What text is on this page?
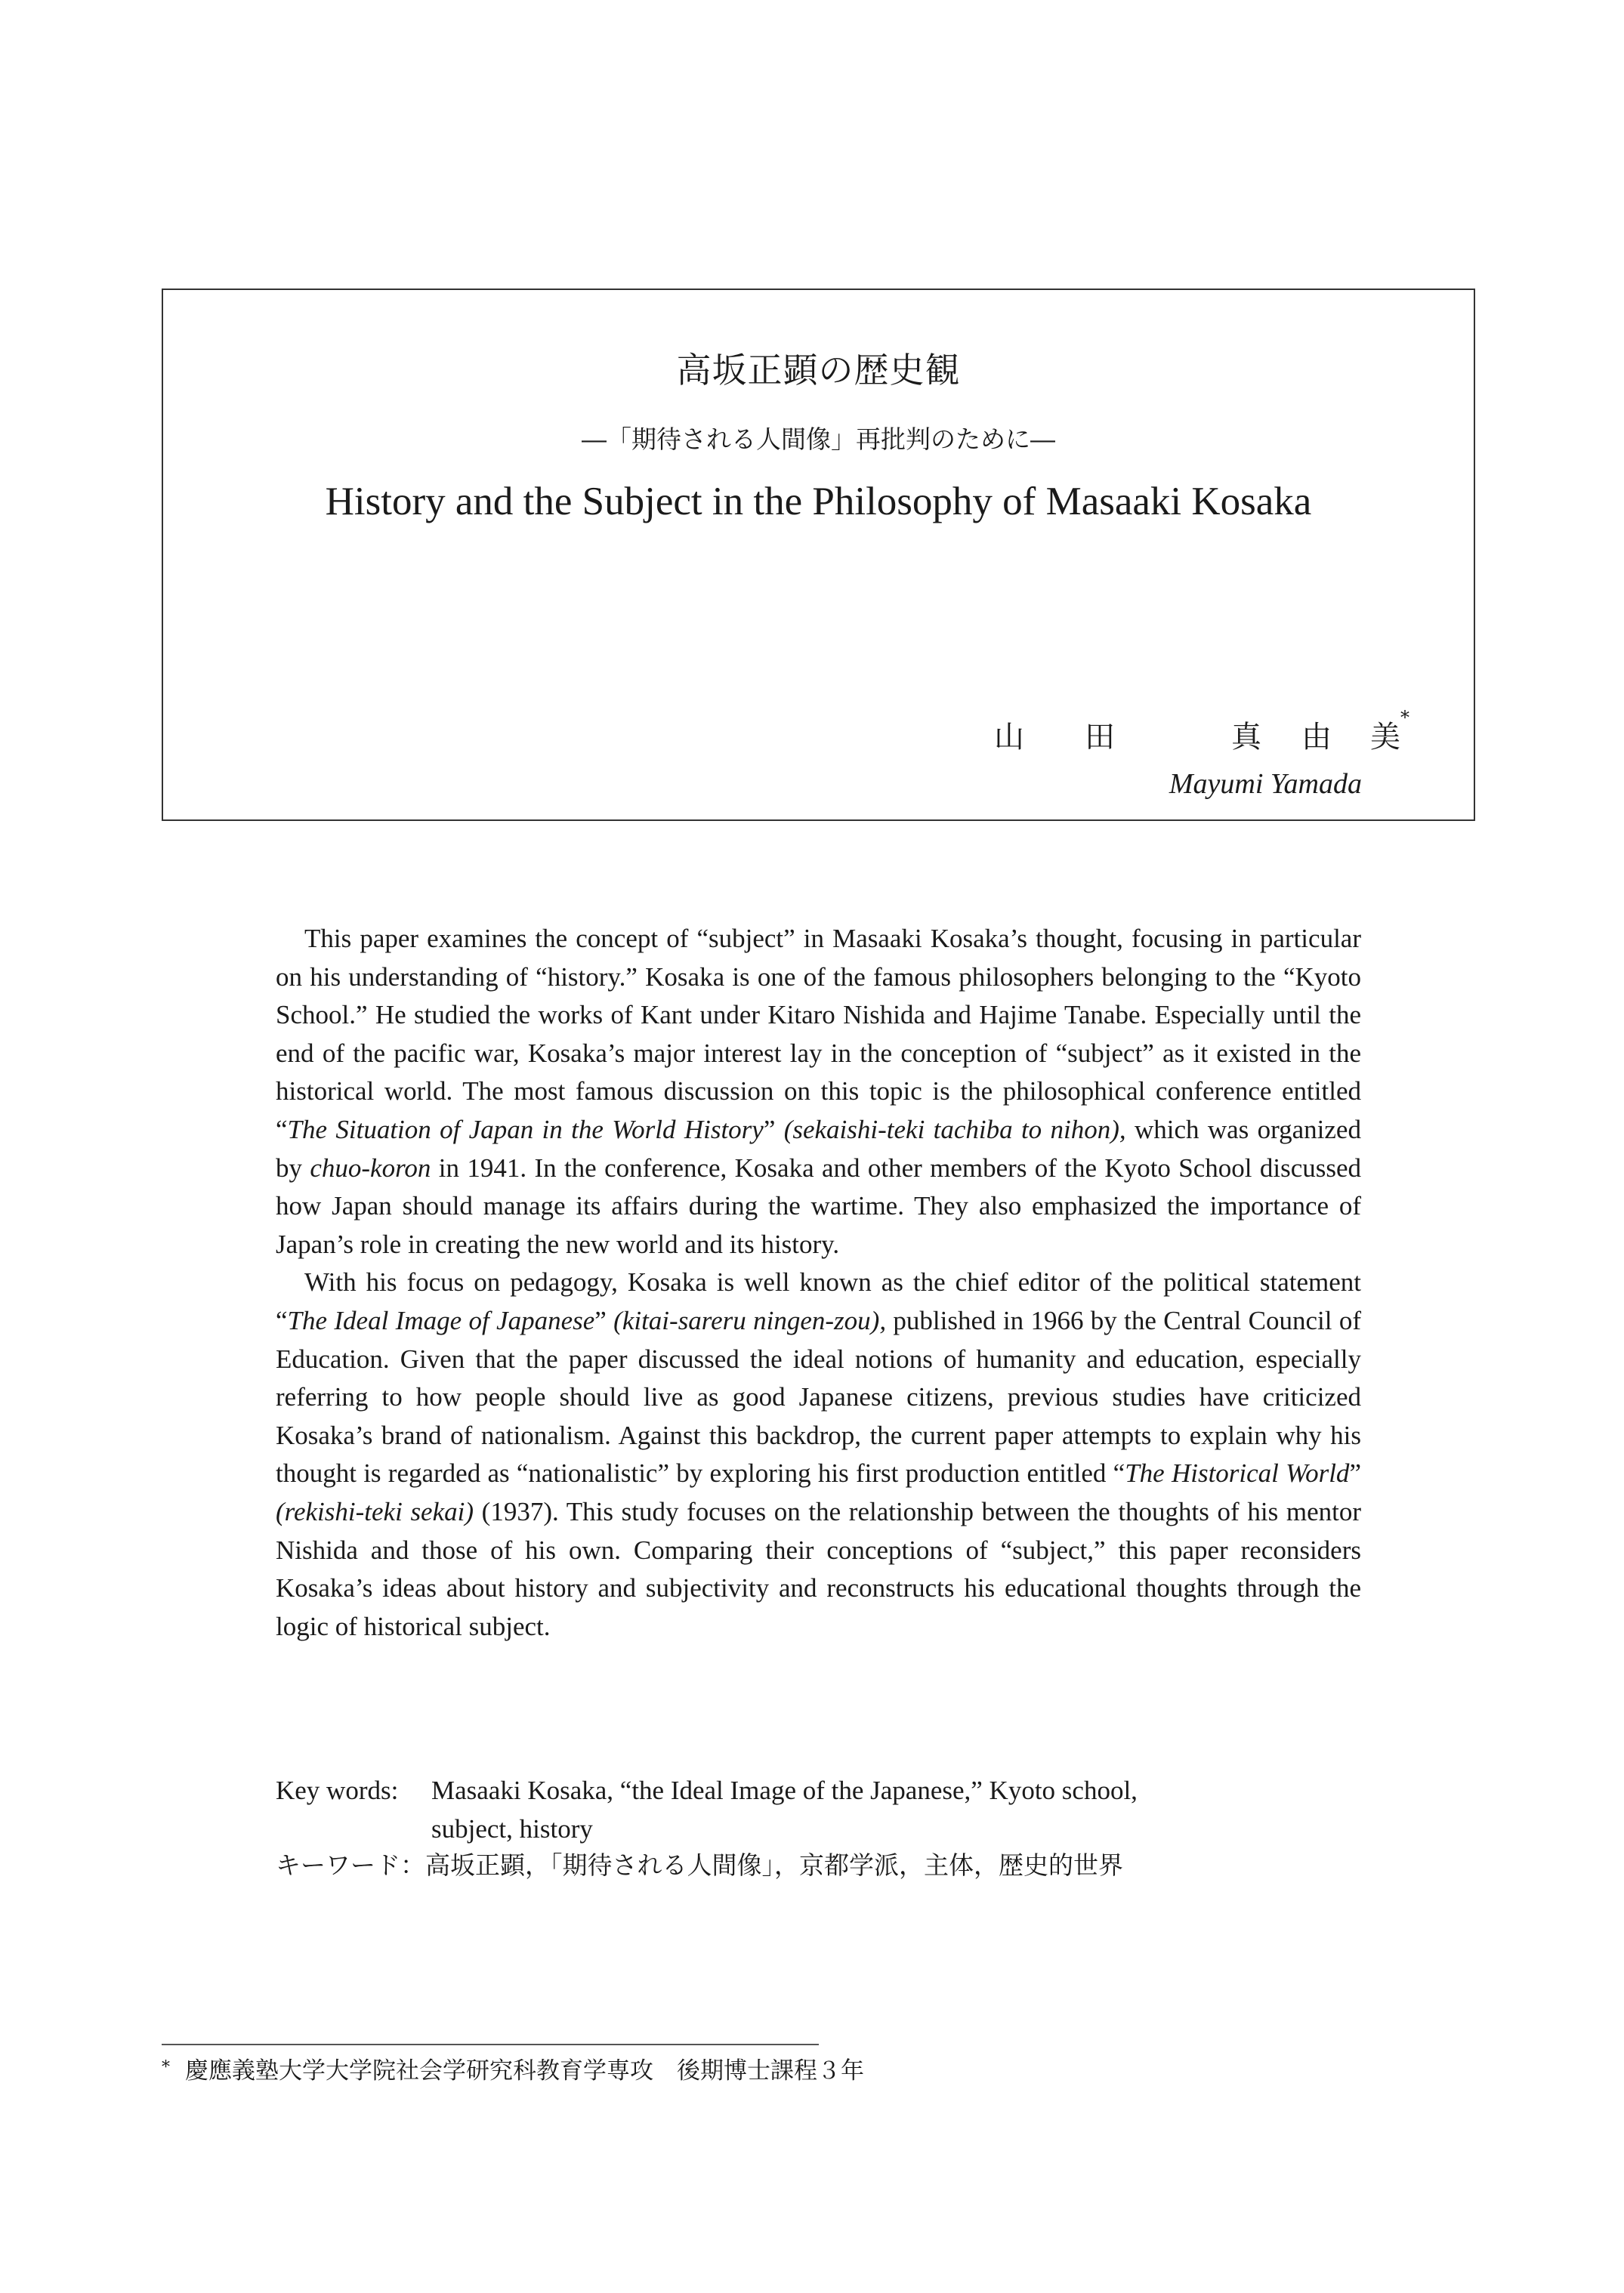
高坂正顕の歴史観
―「期待される人間像」再批判のために―
History and the Subject in the Philosophy of Masaaki Kosaka
山 田	真 由 美
*
Mayumi Yamada

This paper examines the concept of “subject” in Masaaki Kosaka’s thought, focusing in particular on his understanding of “history.” Kosaka is one of the famous philosophers belonging to the “Kyoto School.” He studied the works of Kant under Kitaro Nishida and Hajime Tanabe. Especially until the end of the pacific war, Kosaka’s major interest lay in the conception of “subject” as it existed in the historical world. The most famous discussion on this topic is the philosophical conference entitled “The Situation of Japan in the World History” (sekaishi-teki tachiba to nihon), which was organized by chuo-koron in 1941. In the conference, Kosaka and other members of the Kyoto School discussed how Japan should manage its affairs during the wartime. They also emphasized the importance of Japan’s role in creating the new world and its history.

With his focus on pedagogy, Kosaka is well known as the chief editor of the political statement “The Ideal Image of Japanese” (kitai-sareru ningen-zou), published in 1966 by the Central Council of Education. Given that the paper discussed the ideal notions of humanity and education, especially referring to how people should live as good Japanese citizens, previous studies have criticized Kosaka’s brand of nationalism. Against this backdrop, the current paper attempts to explain why his thought is regarded as “nationalistic” by exploring his first production entitled “The Historical World” (rekishi-teki sekai) (1937). This study focuses on the relationship between the thoughts of his mentor Nishida and those of his own. Comparing their conceptions of “subject,” this paper reconsiders Kosaka’s ideas about history and subjectivity and reconstructs his educational thoughts through the logic of historical subject.

Key words:	Masaaki Kosaka, “the Ideal Image of the Japanese,” Kyoto school,
subject, history
キーワード：高坂正顕，「期待される人間像」，京都学派，主体，歴史的世界
* 慶應義塾大学大学院社会学研究科教育学専攻　後期博士課程３年
